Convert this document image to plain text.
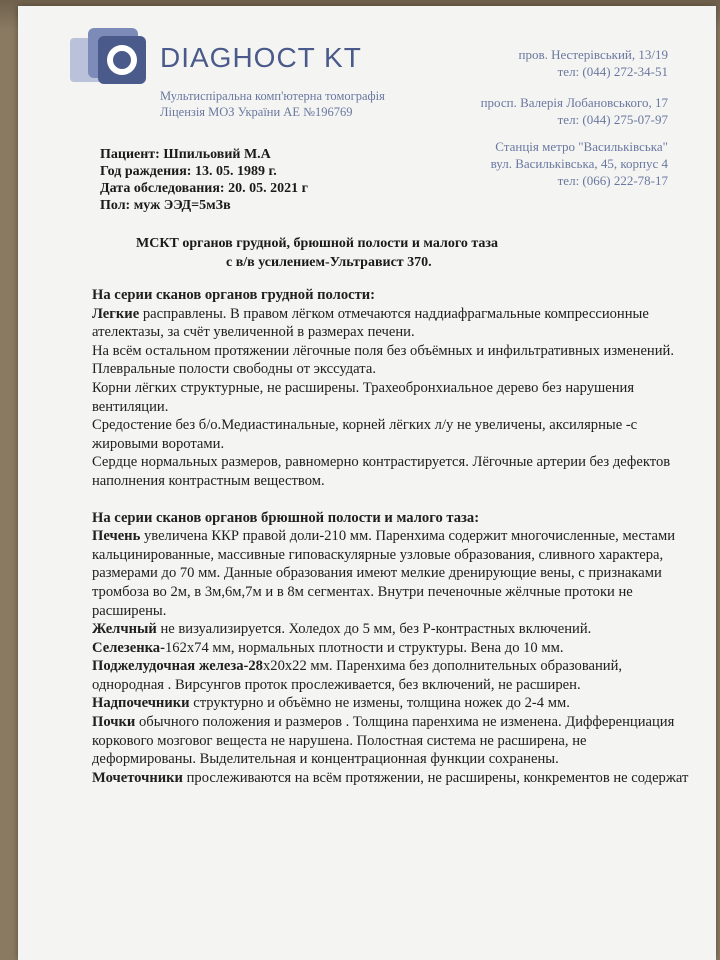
DIAGHOCT KT
Мультиспіральна комп'ютерна томографія
Ліцензія МОЗ України АЕ №196769
пров. Нестерівський, 13/19
тел: (044) 272-34-51
просп. Валерія Лобановського, 17
тел: (044) 275-07-97
Станція метро "Васильківська"
вул. Васильківська, 45, корпус 4
тел: (066) 222-78-17
Пациент: Шпильовий М.А
Год раждения: 13. 05. 1989 г.
Дата обследования: 20. 05. 2021 г
Пол: муж ЭЭД=5мЗв
МСКТ органов грудной, брюшной полости и малого таза
с в/в усилением-Ультравист 370.

На серии сканов органов грудной полости:

Легкие расправлены. В правом лёгком отмечаются наддиафрагмальные компрессионные ателектазы, за счёт увеличенной в размерах печени.

На всём остальном протяжении лёгочные поля без объёмных и инфильтративных изменений.

Плевральные полости свободны от экссудата.

Корни лёгких структурные, не расширены. Трахеобронхиальное дерево без нарушения вентиляции.

Средостение без б/о.Медиастинальные, корней лёгких л/у не увеличены, аксилярные -с жировыми воротами.

Сердце нормальных размеров, равномерно контрастируется. Лёгочные артерии без дефектов наполнения контрастным веществом.

На серии сканов органов брюшной полости и малого таза:

Печень увеличена ККР правой доли-210 мм. Паренхима содержит многочисленные, местами кальцинированные, массивные гиповаскулярные узловые образования, сливного характера, размерами до 70 мм. Данные образования имеют мелкие дренирующие вены, с признаками тромбоза во 2м, в 3м,6м,7м и в 8м сегментах. Внутри печеночные жёлчные протоки не расширены.

Желчный не визуализируется. Холедох до 5 мм, без Р-контрастных включений.

Селезенка-162х74 мм, нормальных плотности и структуры. Вена до 10 мм.

Поджелудочная железа-28х20х22 мм. Паренхима без дополнительных образований, однородная . Вирсунгов проток прослеживается, без включений, не расширен.

Надпочечники структурно и объёмно не измены, толщина ножек до 2-4 мм.

Почки обычного положения и размеров . Толщина паренхима не изменена. Дифференциация коркового мозговог вещеста не нарушена. Полостная система не расширена, не деформированы. Выделительная и концентрационная функции сохранены.

Мочеточники прослеживаются на всём протяжении, не расширены, конкрементов не содержат
